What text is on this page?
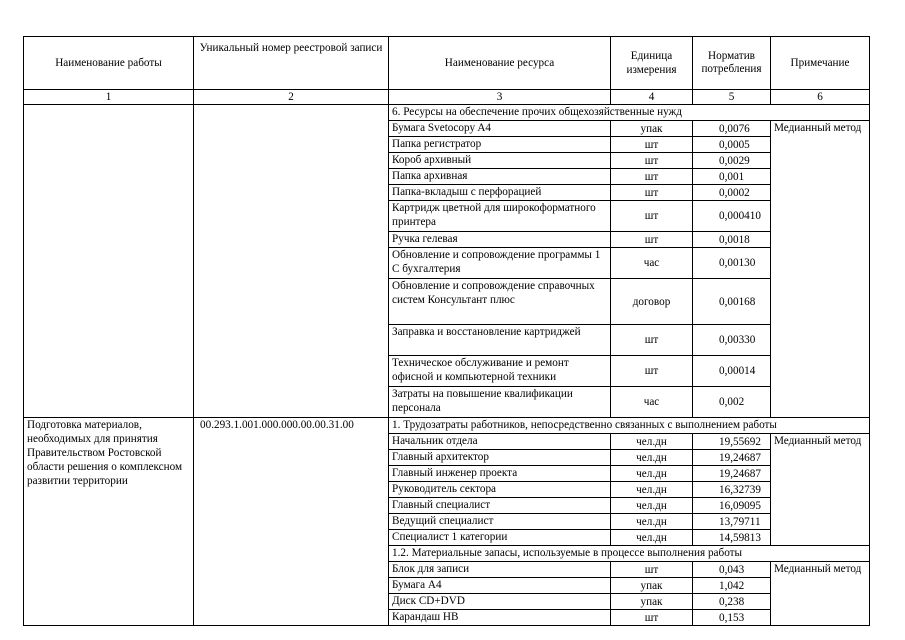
Наименование работы	Уникальный номер реестровой записи	Наименование ресурса	Единица измерения	Норматив потребления	Примечание
1	2	3	4	5	6
		6. Ресурсы на обеспечение прочих общехозяйственные нужд			
		Бумага Svetocopy A4	упак	0,0076	Медианный метод
		Папка регистратор	шт	0,0005	
		Короб архивный	шт	0,0029	
		Папка архивная	шт	0,001	
		Папка-вкладыш с перфорацией	шт	0,0002	
		Картридж цветной для широкоформатного принтера	шт	0,000410	
		Ручка гелевая	шт	0,0018	
		Обновление и сопровождение программы 1 С бухгалтерия	час	0,00130	
		Обновление и сопровождение справочных систем Консультант плюс	договор	0,00168	
		Заправка и восстановление картриджей	шт	0,00330	
		Техническое обслуживание и ремонт офисной и компьютерной техники	шт	0,00014	
		Затраты на повышение квалификации персонала	час	0,002	
Подготовка материалов, необходимых для принятия Правительством Ростовской области решения о комплексном развитии территории	00.293.1.001.000.000.00.00.31.00	1. Трудозатраты работников, непосредственно связанных с выполнением работы			
		Начальник отдела	чел.дн	19,55692	Медианный метод
		Главный архитектор	чел.дн	19,24687	
		Главный инженер проекта	чел.дн	19,24687	
		Руководитель сектора	чел.дн	16,32739	
		Главный специалист	чел.дн	16,09095	
		Ведущий специалист	чел.дн	13,79711	
		Специалист 1 категории	чел.дн	14,59813	
		1.2. Материальные запасы, используемые в процессе выполнения работы			
		Блок для записи	шт	0,043	Медианный метод
		Бумага А4	упак	1,042	
		Диск CD+DVD	упак	0,238	
		Карандаш НВ	шт	0,153	
